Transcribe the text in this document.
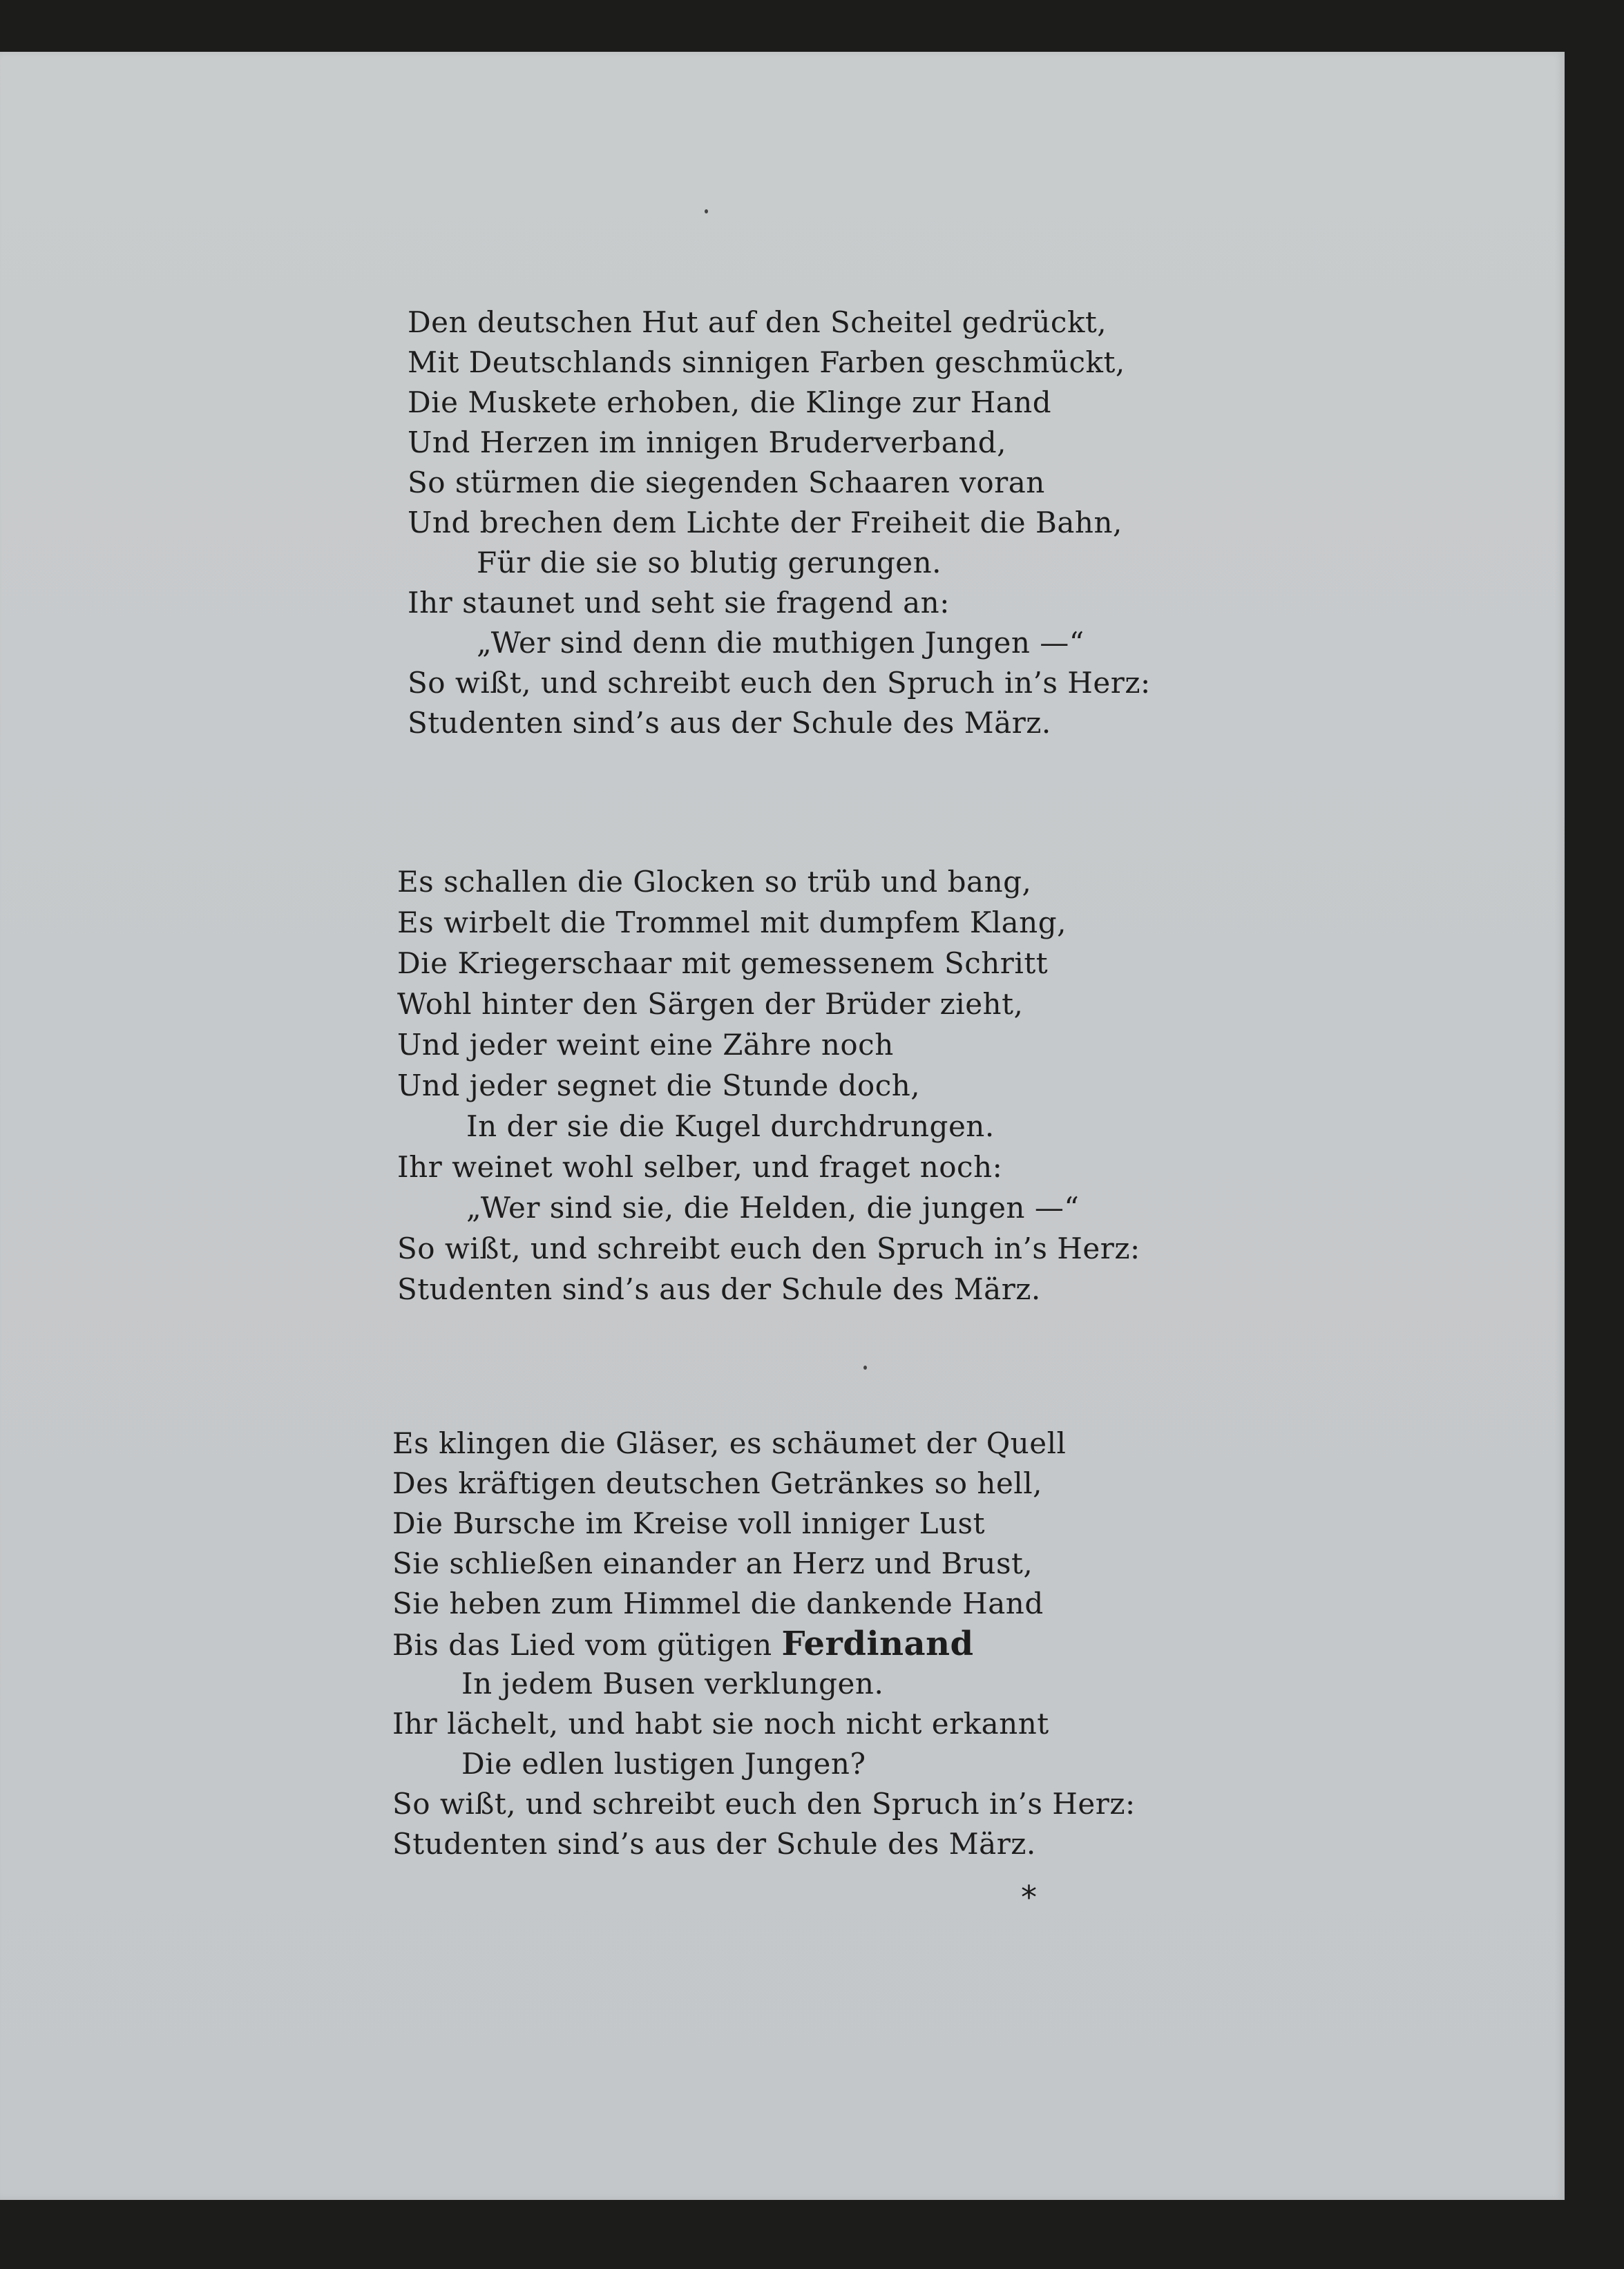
Den deutschen Hut auf den Scheitel gedrückt,
Mit Deutschlands sinnigen Farben geschmückt,
Die Muskete erhoben, die Klinge zur Hand
Und Herzen im innigen Bruderverband,
So stürmen die siegenden Schaaren voran
Und brechen dem Lichte der Freiheit die Bahn,
Für die sie so blutig gerungen.
Ihr staunet und seht sie fragend an:
„Wer sind denn die muthigen Jungen —“
So wißt, und schreibt euch den Spruch in’s Herz:
Studenten sind’s aus der Schule des März.
Es schallen die Glocken so trüb und bang,
Es wirbelt die Trommel mit dumpfem Klang,
Die Kriegerschaar mit gemessenem Schritt
Wohl hinter den Särgen der Brüder zieht,
Und jeder weint eine Zähre noch
Und jeder segnet die Stunde doch,
In der sie die Kugel durchdrungen.
Ihr weinet wohl selber, und fraget noch:
„Wer sind sie, die Helden, die jungen —“
So wißt, und schreibt euch den Spruch in’s Herz:
Studenten sind’s aus der Schule des März.
Es klingen die Gläser, es schäumet der Quell
Des kräftigen deutschen Getränkes so hell,
Die Bursche im Kreise voll inniger Lust
Sie schließen einander an Herz und Brust,
Sie heben zum Himmel die dankende Hand
Bis das Lied vom gütigen Ferdinand
In jedem Busen verklungen.
Ihr lächelt, und habt sie noch nicht erkannt
Die edlen lustigen Jungen?
So wißt, und schreibt euch den Spruch in’s Herz:
Studenten sind’s aus der Schule des März.
*
